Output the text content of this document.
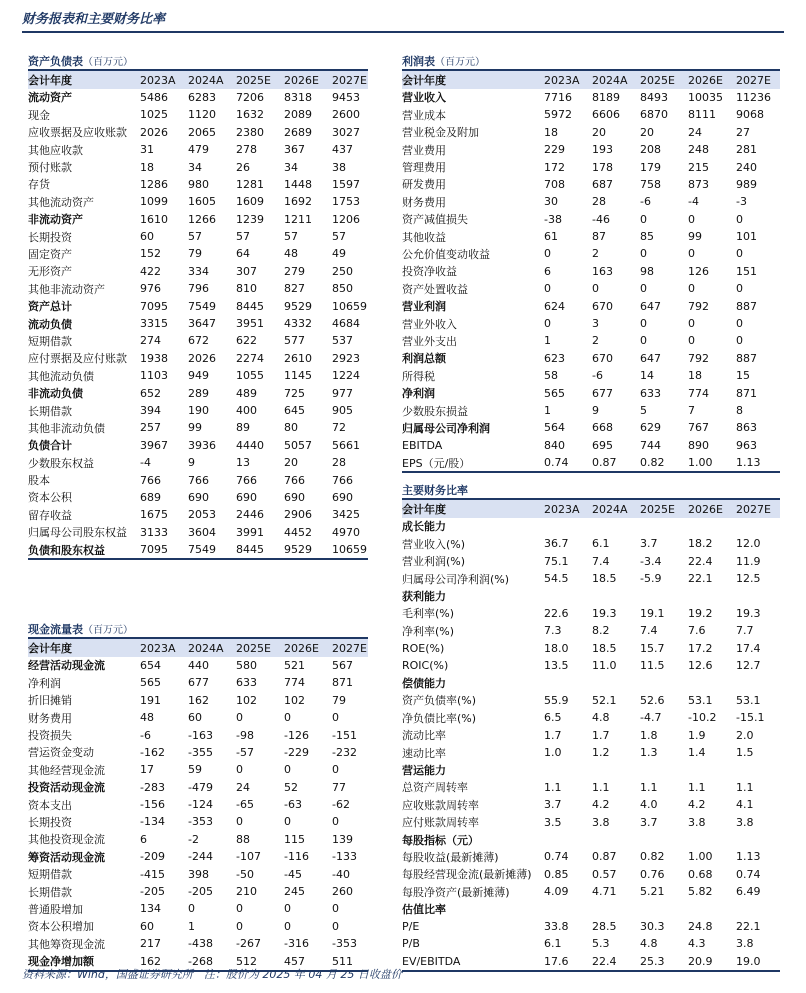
财务报表和主要财务比率
资产负债表（百万元）						
会计年度	2023A	2024A	2025E	2026E	2027E	
流动资产	5486	6283	7206	8318	9453	
现金	1025	1120	1632	2089	2600	
应收票据及应收账款	2026	2065	2380	2689	3027	
其他应收款	31	479	278	367	437	
预付账款	18	34	26	34	38	
存货	1286	980	1281	1448	1597	
其他流动资产	1099	1605	1609	1692	1753	
非流动资产	1610	1266	1239	1211	1206	
长期投资	60	57	57	57	57	
固定资产	152	79	64	48	49	
无形资产	422	334	307	279	250	
其他非流动资产	976	796	810	827	850	
资产总计	7095	7549	8445	9529	10659	
流动负债	3315	3647	3951	4332	4684	
短期借款	274	672	622	577	537	
应付票据及应付账款	1938	2026	2274	2610	2923	
其他流动负债	1103	949	1055	1145	1224	
非流动负债	652	289	489	725	977	
长期借款	394	190	400	645	905	
其他非流动负债	257	99	89	80	72	
负债合计	3967	3936	4440	5057	5661	
少数股东权益	-4	9	13	20	28	
股本	766	766	766	766	766	
资本公积	689	690	690	690	690	
留存收益	1675	2053	2446	2906	3425	
归属母公司股东权益	3133	3604	3991	4452	4970	
负债和股东权益	7095	7549	8445	9529	10659	
利润表（百万元）						
会计年度	2023A	2024A	2025E	2026E	2027E	
营业收入	7716	8189	8493	10035	11236	
营业成本	5972	6606	6870	8111	9068	
营业税金及附加	18	20	20	24	27	
营业费用	229	193	208	248	281	
管理费用	172	178	179	215	240	
研发费用	708	687	758	873	989	
财务费用	30	28	-6	-4	-3	
资产减值损失	-38	-46	0	0	0	
其他收益	61	87	85	99	101	
公允价值变动收益	0	2	0	0	0	
投资净收益	6	163	98	126	151	
资产处置收益	0	0	0	0	0	
营业利润	624	670	647	792	887	
营业外收入	0	3	0	0	0	
营业外支出	1	2	0	0	0	
利润总额	623	670	647	792	887	
所得税	58	-6	14	18	15	
净利润	565	677	633	774	871	
少数股东损益	1	9	5	7	8	
归属母公司净利润	564	668	629	767	863	
EBITDA	840	695	744	890	963	
EPS（元/股）	0.74	0.87	0.82	1.00	1.13	
主要财务比率						
会计年度	2023A	2024A	2025E	2026E	2027E	
成长能力						
营业收入(%)	36.7	6.1	3.7	18.2	12.0	
营业利润(%)	75.1	7.4	-3.4	22.4	11.9	
归属母公司净利润(%)	54.5	18.5	-5.9	22.1	12.5	
获利能力						
毛利率(%)	22.6	19.3	19.1	19.2	19.3	
净利率(%)	7.3	8.2	7.4	7.6	7.7	
ROE(%)	18.0	18.5	15.7	17.2	17.4	
ROIC(%)	13.5	11.0	11.5	12.6	12.7	
偿债能力						
资产负债率(%)	55.9	52.1	52.6	53.1	53.1	
净负债比率(%)	6.5	4.8	-4.7	-10.2	-15.1	
流动比率	1.7	1.7	1.8	1.9	2.0	
速动比率	1.0	1.2	1.3	1.4	1.5	
营运能力						
总资产周转率	1.1	1.1	1.1	1.1	1.1	
应收账款周转率	3.7	4.2	4.0	4.2	4.1	
应付账款周转率	3.5	3.8	3.7	3.8	3.8	
每股指标（元）						
每股收益(最新摊薄)	0.74	0.87	0.82	1.00	1.13	
每股经营现金流(最新摊薄)	0.85	0.57	0.76	0.68	0.74	
每股净资产(最新摊薄)	4.09	4.71	5.21	5.82	6.49	
估值比率						
P/E	33.8	28.5	30.3	24.8	22.1	
P/B	6.1	5.3	4.8	4.3	3.8	
EV/EBITDA	17.6	22.4	25.3	20.9	19.0	
现金流量表（百万元）						
会计年度	2023A	2024A	2025E	2026E	2027E	
经营活动现金流	654	440	580	521	567	
净利润	565	677	633	774	871	
折旧摊销	191	162	102	102	79	
财务费用	48	60	0	0	0	
投资损失	-6	-163	-98	-126	-151	
营运资金变动	-162	-355	-57	-229	-232	
其他经营现金流	17	59	0	0	0	
投资活动现金流	-283	-479	24	52	77	
资本支出	-156	-124	-65	-63	-62	
长期投资	-134	-353	0	0	0	
其他投资现金流	6	-2	88	115	139	
筹资活动现金流	-209	-244	-107	-116	-133	
短期借款	-415	398	-50	-45	-40	
长期借款	-205	-205	210	245	260	
普通股增加	134	0	0	0	0	
资本公积增加	60	1	0	0	0	
其他筹资现金流	217	-438	-267	-316	-353	
现金净增加额	162	-268	512	457	511	
资料来源：Wind，国盛证券研究所　注：股价为 2025 年 04 月 25 日收盘价
